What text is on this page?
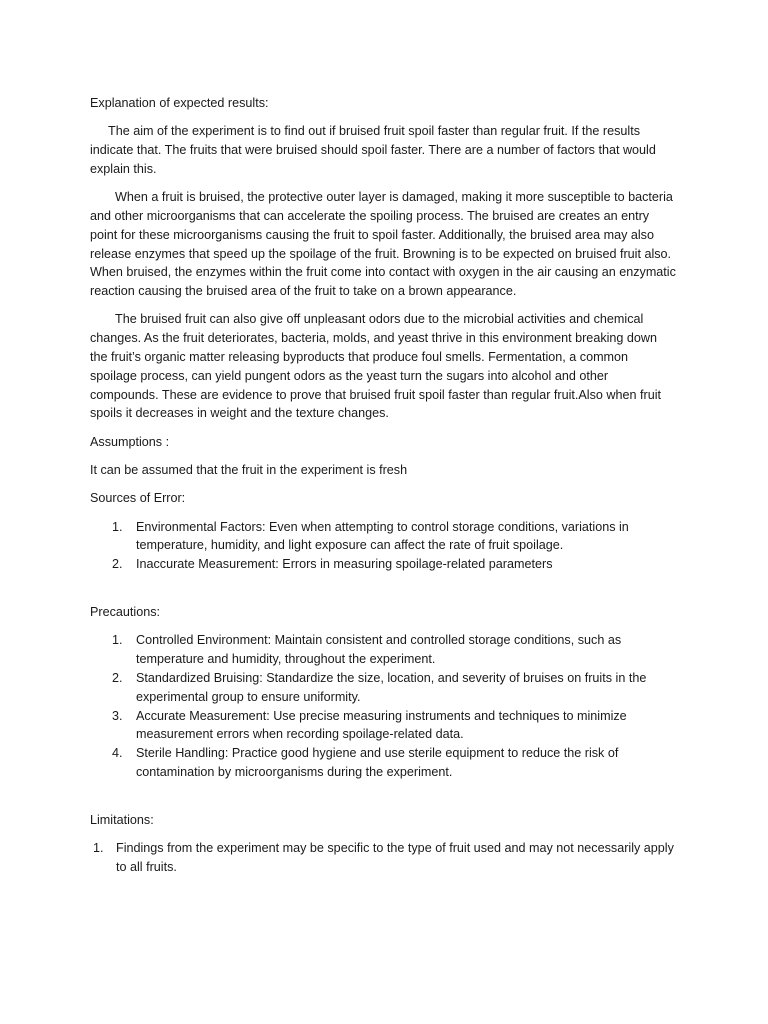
Explanation of expected results:

The aim of the experiment is to find out if bruised fruit spoil faster than regular fruit. If the results indicate that. The fruits that were bruised should spoil faster. There are a number of factors that would explain this.

When a fruit is bruised, the protective outer layer is damaged, making it more susceptible to bacteria and other microorganisms that can accelerate the spoiling process. The bruised are creates an entry point for these microorganisms causing the fruit to spoil faster. Additionally, the bruised area may also release enzymes that speed up the spoilage of the fruit. Browning is to be expected on bruised fruit also. When bruised, the enzymes within the fruit come into contact with oxygen in the air causing an enzymatic reaction causing the bruised area of the fruit to take on a brown appearance.

The bruised fruit can also give off unpleasant odors due to the microbial activities and chemical changes. As the fruit deteriorates, bacteria, molds, and yeast thrive in this environment breaking down the fruit’s organic matter releasing byproducts that produce foul smells. Fermentation, a common spoilage process, can yield pungent odors as the yeast turn the sugars into alcohol and other compounds. These are evidence to prove that bruised fruit spoil faster than regular fruit.Also when fruit spoils it decreases in weight and the texture changes.

Assumptions :

It can be assumed that the fruit in the experiment is fresh

Sources of Error:

1. Environmental Factors: Even when attempting to control storage conditions, variations in temperature, humidity, and light exposure can affect the rate of fruit spoilage.
2. Inaccurate Measurement: Errors in measuring spoilage-related parameters

Precautions:

1. Controlled Environment: Maintain consistent and controlled storage conditions, such as temperature and humidity, throughout the experiment.
2. Standardized Bruising: Standardize the size, location, and severity of bruises on fruits in the experimental group to ensure uniformity.
3. Accurate Measurement: Use precise measuring instruments and techniques to minimize measurement errors when recording spoilage-related data.
4. Sterile Handling: Practice good hygiene and use sterile equipment to reduce the risk of contamination by microorganisms during the experiment.

Limitations:

1. Findings from the experiment may be specific to the type of fruit used and may not necessarily apply to all fruits.
